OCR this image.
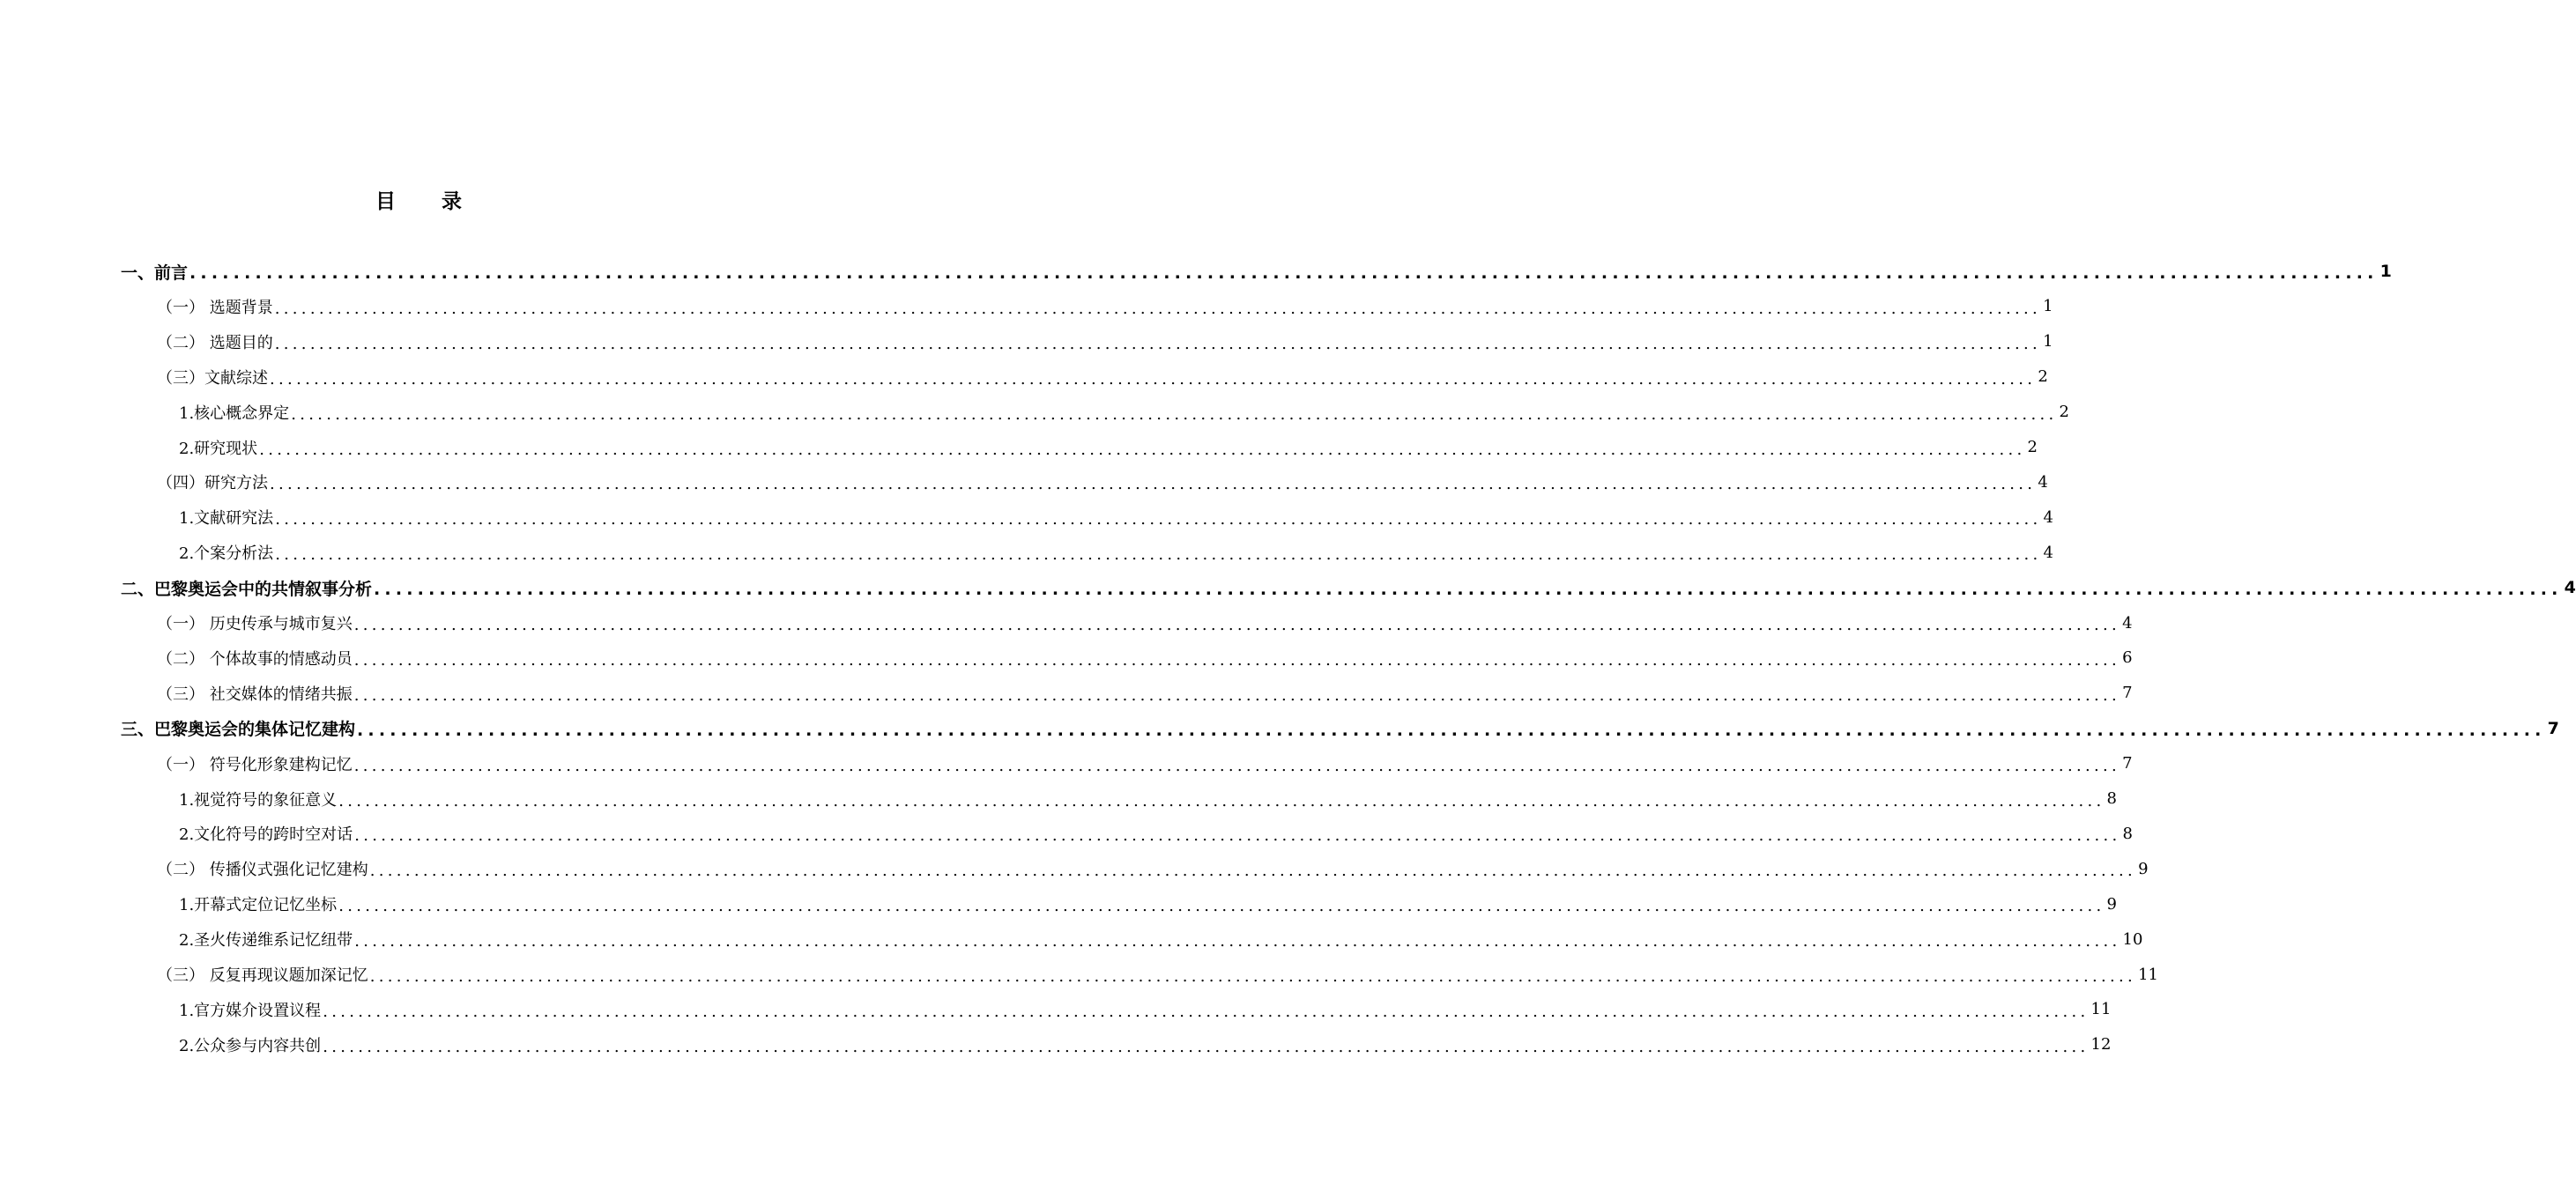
目 录
一、前言 ........................................................................................................................................................................................................ 1
（一） 选题背景 ........................................................................................................................................................................................................ 1
（二） 选题目的 ........................................................................................................................................................................................................ 1
（三）文献综述 ........................................................................................................................................................................................................ 2
1.核心概念界定 ........................................................................................................................................................................................................ 2
2.研究现状 ........................................................................................................................................................................................................ 2
（四）研究方法 ........................................................................................................................................................................................................ 4
1.文献研究法 ........................................................................................................................................................................................................ 4
2.个案分析法 ........................................................................................................................................................................................................ 4
二、巴黎奥运会中的共情叙事分析 ........................................................................................................................................................................................................ 4
（一） 历史传承与城市复兴 ........................................................................................................................................................................................................ 4
（二） 个体故事的情感动员 ........................................................................................................................................................................................................ 6
（三） 社交媒体的情绪共振 ........................................................................................................................................................................................................ 7
三、巴黎奥运会的集体记忆建构 ........................................................................................................................................................................................................ 7
（一） 符号化形象建构记忆 ........................................................................................................................................................................................................ 7
1.视觉符号的象征意义 ........................................................................................................................................................................................................ 8
2.文化符号的跨时空对话 ........................................................................................................................................................................................................ 8
（二） 传播仪式强化记忆建构 ........................................................................................................................................................................................................ 9
1.开幕式定位记忆坐标 ........................................................................................................................................................................................................ 9
2.圣火传递维系记忆纽带 ........................................................................................................................................................................................................ 10
（三） 反复再现议题加深记忆 ........................................................................................................................................................................................................ 11
1.官方媒介设置议程 ........................................................................................................................................................................................................ 11
2.公众参与内容共创 ........................................................................................................................................................................................................ 12
